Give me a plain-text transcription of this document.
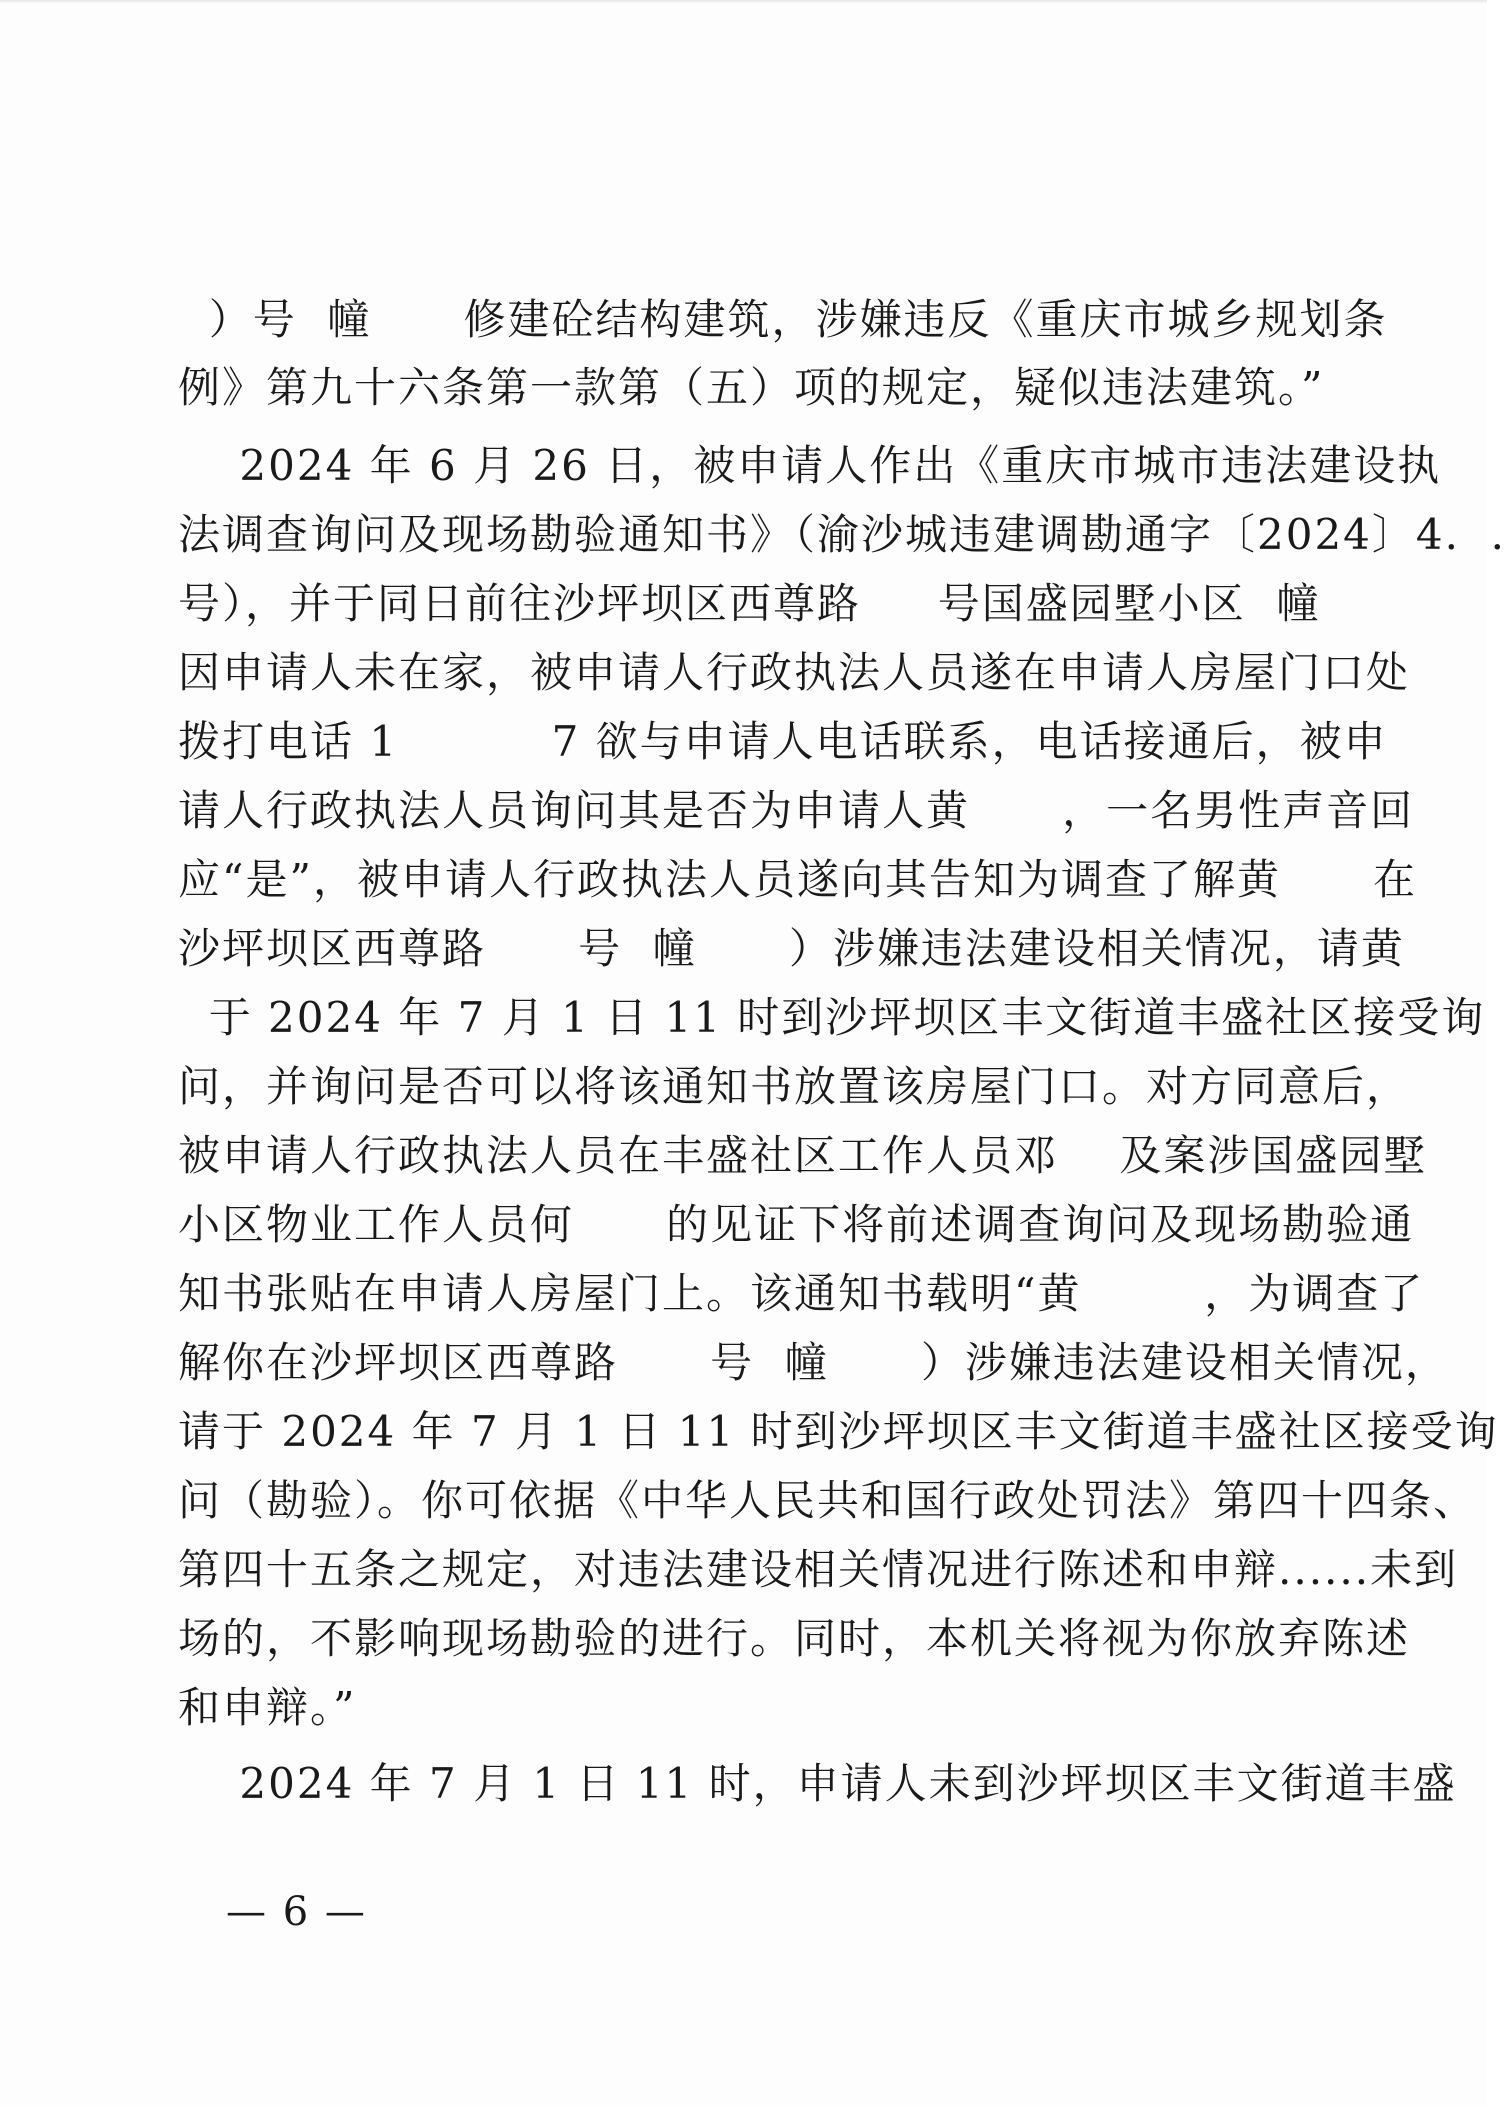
）号  幢      修建砼结构建筑，涉嫌违反《重庆市城乡规划条
例》第九十六条第一款第（五）项的规定，疑似违法建筑。”
2024 年 6 月 26 日，被申请人作出《重庆市城市违法建设执
法调查询问及现场勘验通知书》（渝沙城违建调勘通字〔2024〕4.  .
号），并于同日前往沙坪坝区西尊路     号国盛园墅小区  幢
因申请人未在家，被申请人行政执法人员遂在申请人房屋门口处
拨打电话 1          7 欲与申请人电话联系，电话接通后，被申
请人行政执法人员询问其是否为申请人黄      ，一名男性声音回
应“是”，被申请人行政执法人员遂向其告知为调查了解黄      在
沙坪坝区西尊路      号  幢      ）涉嫌违法建设相关情况，请黄
于 2024 年 7 月 1 日 11 时到沙坪坝区丰文街道丰盛社区接受询
问，并询问是否可以将该通知书放置该房屋门口。对方同意后，
被申请人行政执法人员在丰盛社区工作人员邓    及案涉国盛园墅
小区物业工作人员何      的见证下将前述调查询问及现场勘验通
知书张贴在申请人房屋门上。该通知书载明“黄        ，为调查了
解你在沙坪坝区西尊路      号  幢      ）涉嫌违法建设相关情况，
请于 2024 年 7 月 1 日 11 时到沙坪坝区丰文街道丰盛社区接受询
问（勘验）。你可依据《中华人民共和国行政处罚法》第四十四条、
第四十五条之规定，对违法建设相关情况进行陈述和申辩......未到
场的，不影响现场勘验的进行。同时，本机关将视为你放弃陈述
和申辩。”
2024 年 7 月 1 日 11 时，申请人未到沙坪坝区丰文街道丰盛
— 6 —
